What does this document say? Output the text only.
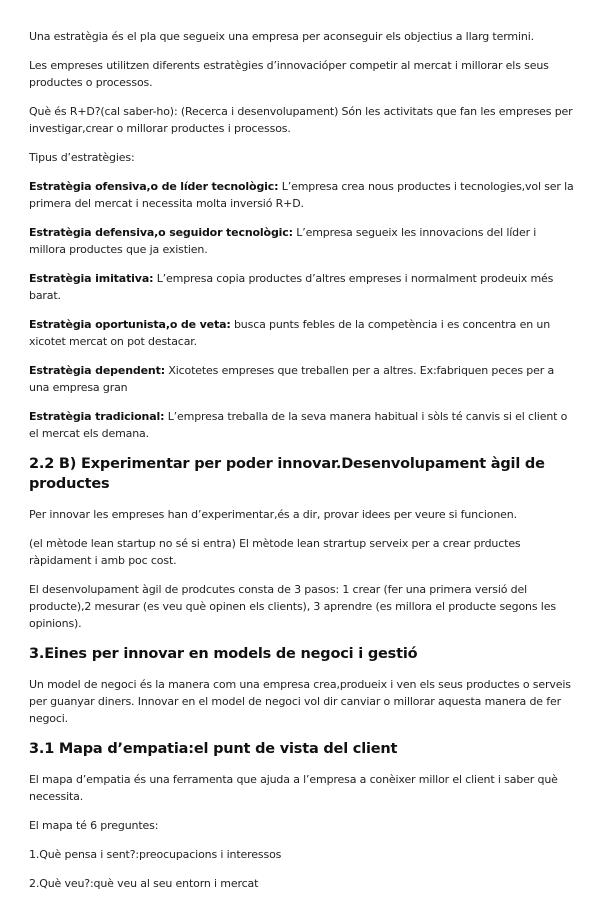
Una estratègia és el pla que segueix una empresa per aconseguir els objectius a llarg termini.
Les empreses utilitzen diferents estratègies d’innovacióper competir al mercat i millorar els seus productes o processos.
Què és R+D?(cal saber-ho): (Recerca i desenvolupament) Són les activitats que fan les empreses per investigar,crear o millorar productes i processos.
Tipus d’estratègies:
Estratègia ofensiva,o de líder tecnològic: L’empresa crea nous productes i tecnologies,vol ser la primera del mercat i necessita molta inversió R+D.
Estratègia defensiva,o seguidor tecnològic: L’empresa segueix les innovacions del líder i millora productes que ja existien.
Estratègia imitativa: L’empresa copia productes d’altres empreses i normalment prodeuix més barat.
Estratègia oportunista,o de veta: busca punts febles de la competència i es concentra en un xicotet mercat on pot destacar.
Estratègia dependent: Xicotetes empreses que treballen per a altres. Ex:fabriquen peces per a una empresa gran
Estratègia tradicional: L’empresa treballa de la seva manera habitual i sòls té canvis si el client o el mercat els demana.
2.2 B) Experimentar per poder innovar.Desenvolupament àgil de productes
Per innovar les empreses han d’experimentar,és a dir, provar idees per veure si funcionen.
(el mètode lean startup no sé si entra) El mètode lean strartup serveix per a crear prductes ràpidament i amb poc cost.
El desenvolupament àgil de prodcutes consta de 3 pasos: 1 crear (fer una primera versió del producte),2 mesurar (es veu què opinen els clients), 3 aprendre (es millora el producte segons les opinions).
3.Eines per innovar en models de negoci i gestió
Un model de negoci és la manera com una empresa crea,produeix i ven els seus productes o serveis per guanyar diners. Innovar en el model de negoci vol dir canviar o millorar aquesta manera de fer negoci.
3.1 Mapa d’empatia:el punt de vista del client
El mapa d’empatia és una ferramenta que ajuda a l’empresa a conèixer millor el client i saber què necessita.
El mapa té 6 preguntes:
1.Què pensa i sent?:preocupacions i interessos
2.Què veu?:què veu al seu entorn i mercat
